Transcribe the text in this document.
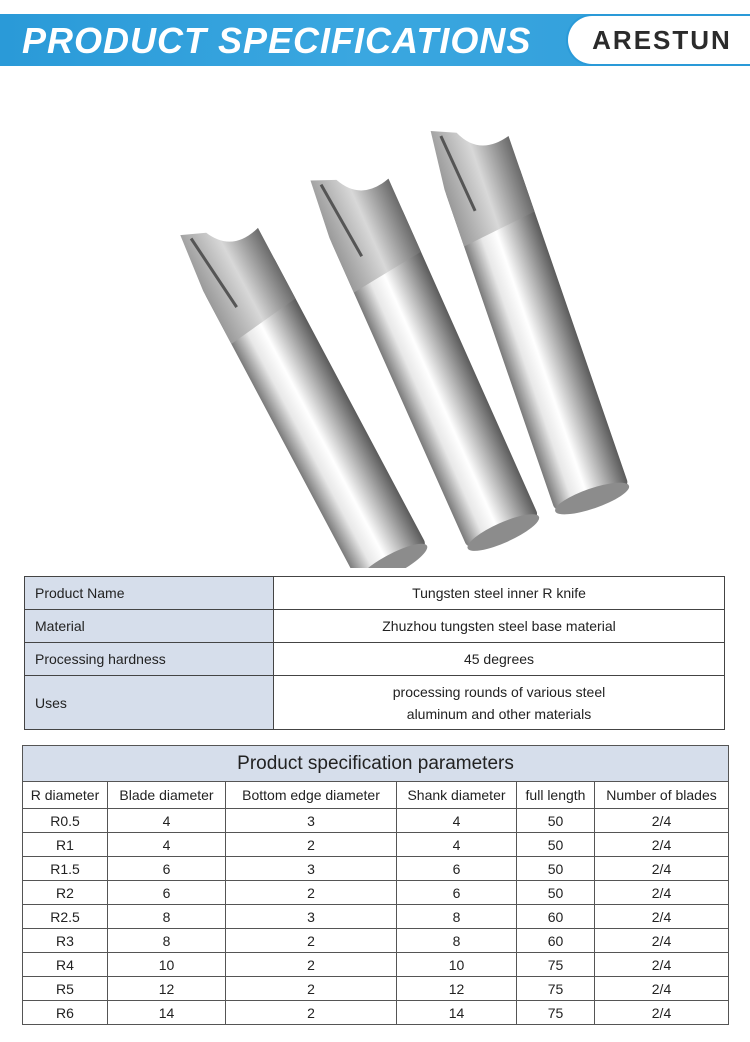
PRODUCT SPECIFICATIONS	ARESTUN
Product Name	Tungsten steel inner R knife
Material	Zhuzhou tungsten steel base material
Processing hardness	45 degrees
Uses	processing rounds of various steel
aluminum and other materials
Product specification parameters					
R diameter	Blade diameter	Bottom edge diameter	Shank diameter	full length	Number of blades
R0.5	4	3	4	50	2/4
R1	4	2	4	50	2/4
R1.5	6	3	6	50	2/4
R2	6	2	6	50	2/4
R2.5	8	3	8	60	2/4
R3	8	2	8	60	2/4
R4	10	2	10	75	2/4
R5	12	2	12	75	2/4
R6	14	2	14	75	2/4
